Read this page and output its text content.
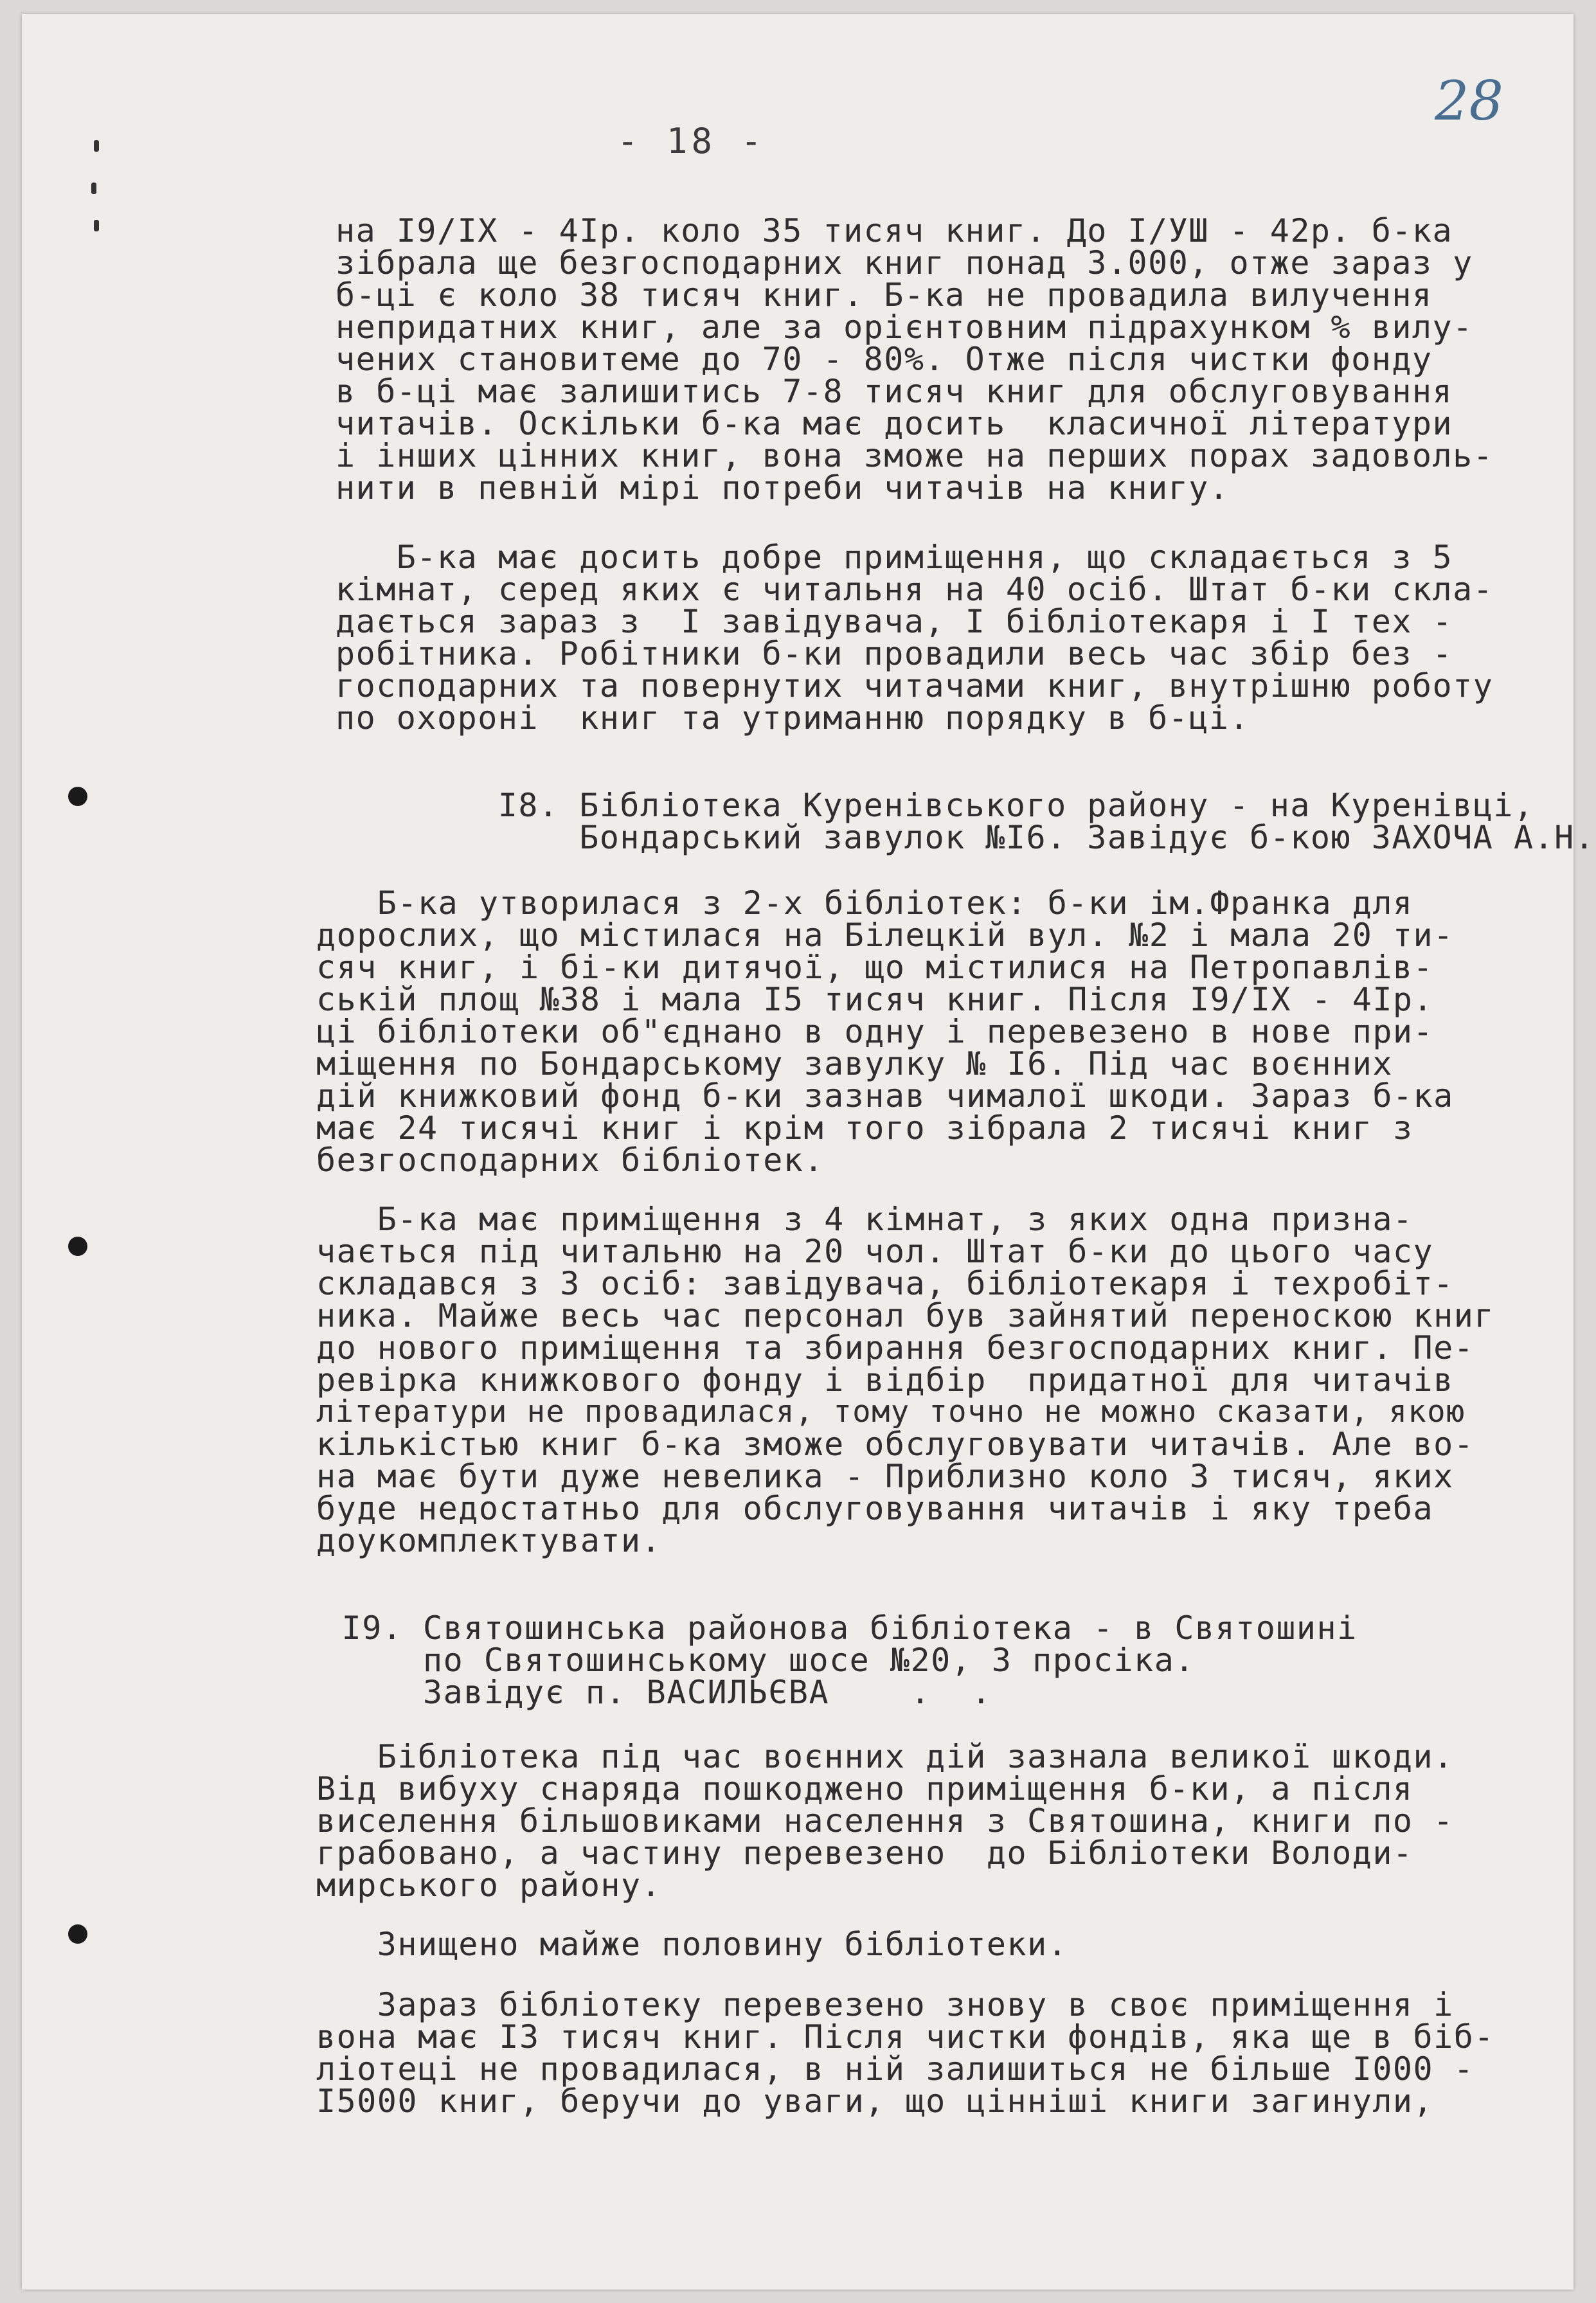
28
- 18 -
на I9/IX - 4Iр. коло 35 тисяч книг. До I/УШ - 42р. б-ка
зібрала ще безгосподарних книг понад 3.000, отже зараз у
б-ці є коло 38 тисяч книг. Б-ка не провадила вилучення
непридатних книг, але за орієнтовним підрахунком % вилу-
чених становитеме до 70 - 80%. Отже після чистки фонду
в б-ці має залишитись 7-8 тисяч книг для обслуговування
читачів. Оскільки б-ка має досить  класичної літератури
і інших цінних книг, вона зможе на перших порах задоволь-
нити в певній мірі потреби читачів на книгу.
Б-ка має досить добре приміщення, що складається з 5
кімнат, серед яких є читальня на 40 осіб. Штат б-ки скла-
дається зараз з  I завідувача, I бібліотекаря і I тех -
робітника. Робітники б-ки провадили весь час збір без -
господарних та повернутих читачами книг, внутрішню роботу
по охороні  книг та утриманню порядку в б-ці.
I8. Бібліотека Куренівського району - на Куренівці,
Бондарський завулок №I6. Завідує б-кою ЗАХОЧА А.Н.
Б-ка утворилася з 2-х бібліотек: б-ки ім.Франка для
дорослих, що містилася на Білецкій вул. №2 і мала 20 ти-
сяч книг, і бі-ки дитячої, що містилися на Петропавлів-
ській площ №38 і мала I5 тисяч книг. Після I9/IX - 4Iр.
ці бібліотеки об"єднано в одну і перевезено в нове при-
міщення по Бондарському завулку № I6. Під час воєнних
дій книжковий фонд б-ки зазнав чималої шкоди. Зараз б-ка
має 24 тисячі книг і крім того зібрала 2 тисячі книг з
безгосподарних бібліотек.
Б-ка має приміщення з 4 кімнат, з яких одна призна-
чається під читальню на 20 чол. Штат б-ки до цього часу
складався з 3 осіб: завідувача, бібліотекаря і техробіт-
ника. Майже весь час персонал був зайнятий переноскою книг
до нового приміщення та збирання безгосподарних книг. Пе-
ревірка книжкового фонду і відбір  придатної для читачів
літератури не провадилася, тому точно не можно сказати, якою
кількістью книг б-ка зможе обслуговувати читачів. Але во-
на має бути дуже невелика - Приблизно коло 3 тисяч, яких
буде недостатньо для обслуговування читачів і яку треба
доукомплектувати.
I9. Святошинська районова бібліотека - в Святошині
по Святошинському шосе №20, 3 просіка.
Завідує п. ВАСИЛЬЄВА    .  .
Бібліотека під час воєнних дій зазнала великої шкоди.
Від вибуху снаряда пошкоджено приміщення б-ки, а після
виселення більшовиками населення з Святошина, книги по -
грабовано, а частину перевезено  до Бібліотеки Володи-
мирського району.
Знищено майже половину бібліотеки.
Зараз бібліотеку перевезено знову в своє приміщення і
вона має I3 тисяч книг. Після чистки фондів, яка ще в біб-
ліотеці не провадилася, в ній залишиться не більше I000 -
I5000 книг, беручи до уваги, що цінніші книги загинули,
